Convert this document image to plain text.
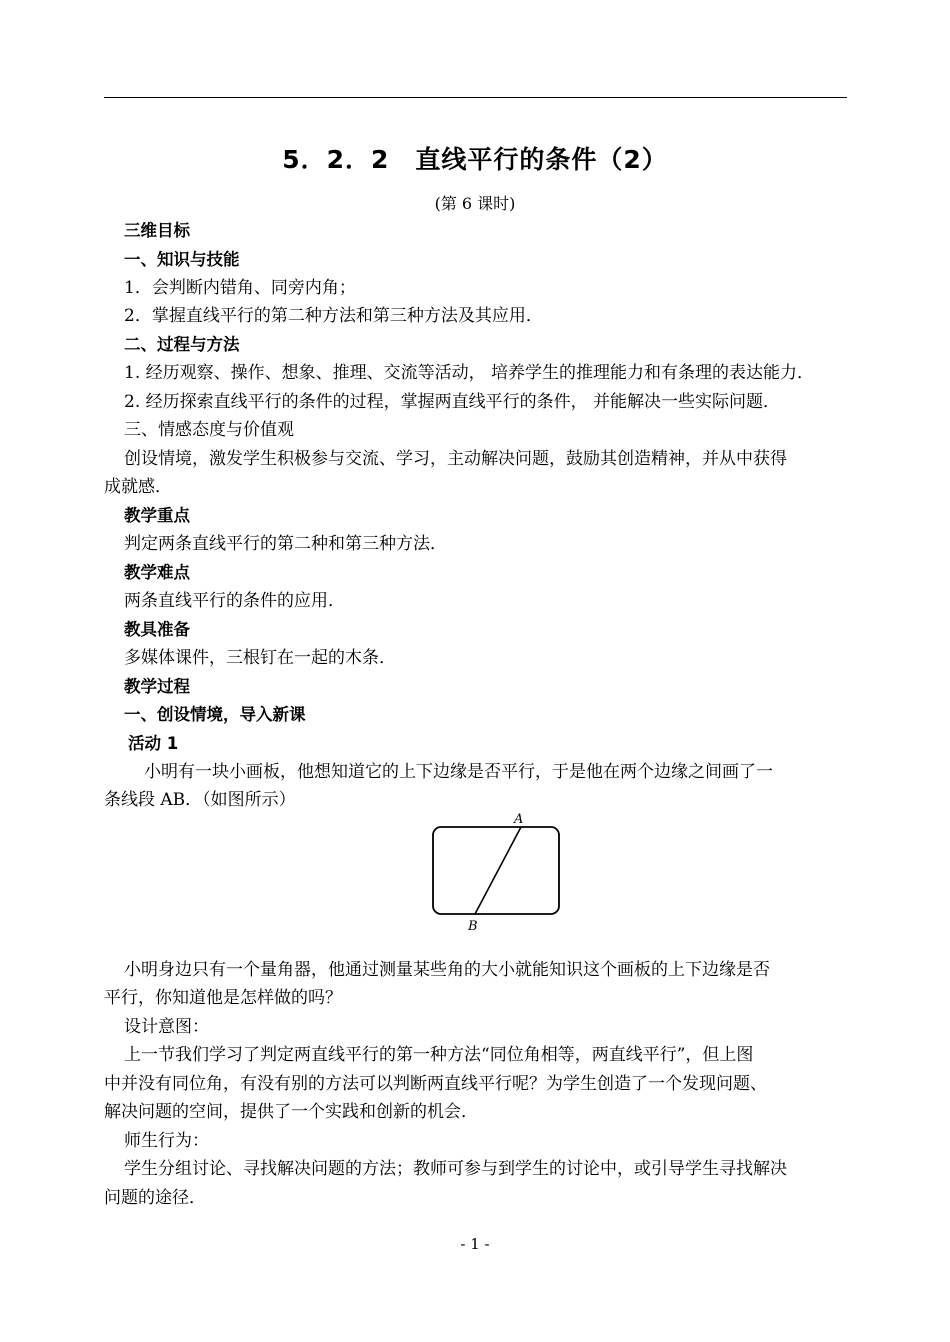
5．2．2　直线平行的条件（2）
(第 6 课时)
三维目标
一、知识与技能
1．会判断内错角、同旁内角；
2．掌握直线平行的第二种方法和第三种方法及其应用．
二、过程与方法
1. 经历观察、操作、想象、推理、交流等活动， 培养学生的推理能力和有条理的表达能力．
2. 经历探索直线平行的条件的过程，掌握两直线平行的条件， 并能解决一些实际问题．
三、情感态度与价值观
创设情境，激发学生积极参与交流、学习，主动解决问题，鼓励其创造精神，并从中获得
成就感．
教学重点
判定两条直线平行的第二种和第三种方法．
教学难点
两条直线平行的条件的应用．
教具准备
多媒体课件，三根钉在一起的木条．
教学过程
一、创设情境，导入新课
活动 1
小明有一块小画板，他想知道它的上下边缘是否平行，于是他在两个边缘之间画了一
条线段 AB．（如图所示）
A
B
小明身边只有一个量角器，他通过测量某些角的大小就能知识这个画板的上下边缘是否
平行，你知道他是怎样做的吗？
设计意图：
上一节我们学习了判定两直线平行的第一种方法“同位角相等，两直线平行”，但上图
中并没有同位角，有没有别的方法可以判断两直线平行呢？为学生创造了一个发现问题、
解决问题的空间，提供了一个实践和创新的机会．
师生行为：
学生分组讨论、寻找解决问题的方法；教师可参与到学生的讨论中，或引导学生寻找解决
问题的途径．
- 1 -
